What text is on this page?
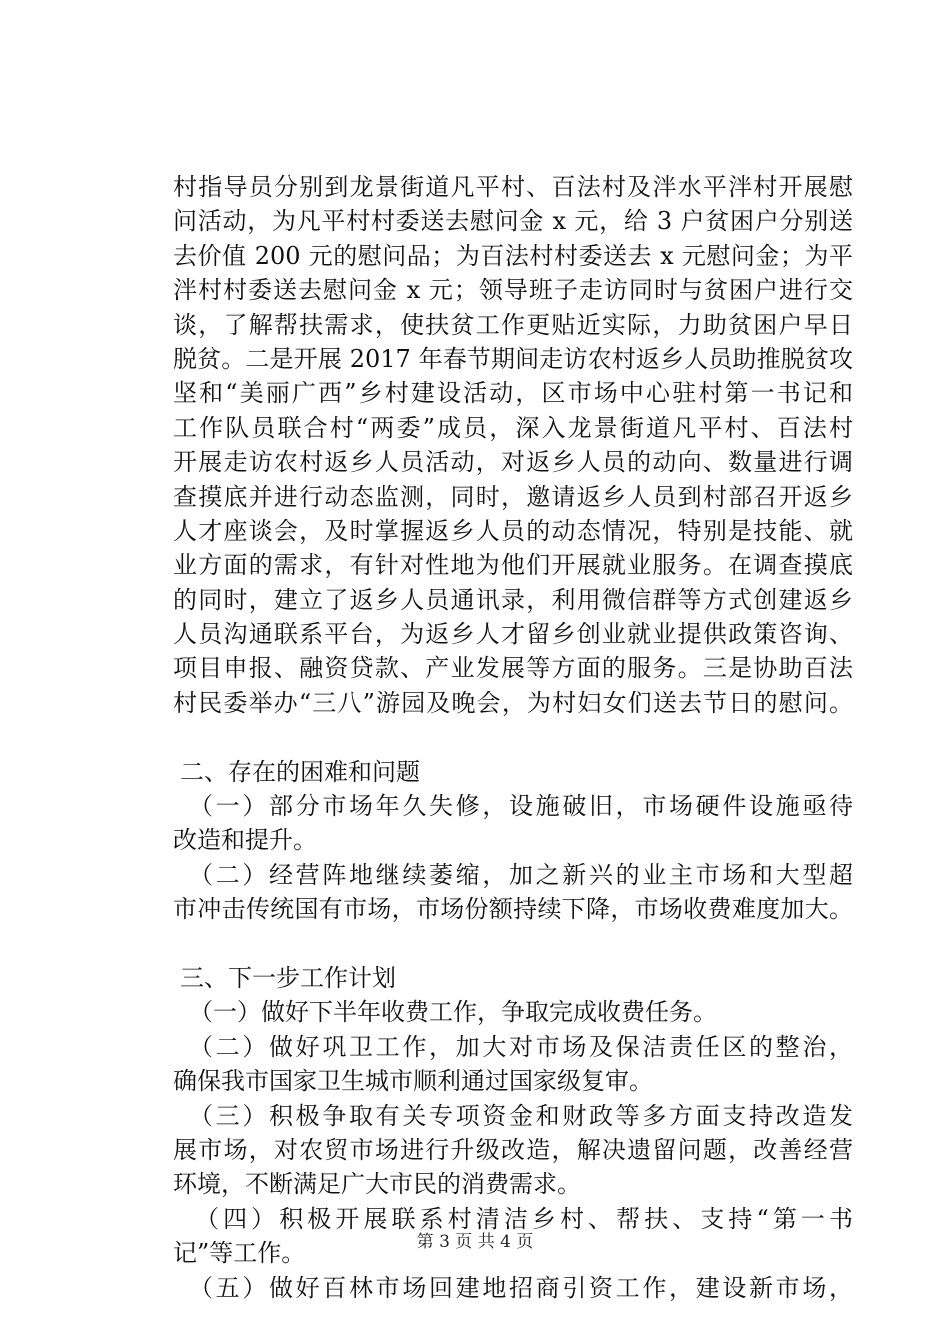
村指导员分别到龙景街道凡平村、百法村及泮水平泮村开展慰
问活动，为凡平村村委送去慰问金 x 元，给 3 户贫困户分别送
去价值 200 元的慰问品；为百法村村委送去 x 元慰问金；为平
泮村村委送去慰问金 x 元；领导班子走访同时与贫困户进行交
谈，了解帮扶需求，使扶贫工作更贴近实际，力助贫困户早日
脱贫。二是开展 2017 年春节期间走访农村返乡人员助推脱贫攻
坚和“美丽广西”乡村建设活动，区市场中心驻村第一书记和
工作队员联合村“两委”成员，深入龙景街道凡平村、百法村
开展走访农村返乡人员活动，对返乡人员的动向、数量进行调
查摸底并进行动态监测，同时，邀请返乡人员到村部召开返乡
人才座谈会，及时掌握返乡人员的动态情况，特别是技能、就
业方面的需求，有针对性地为他们开展就业服务。在调查摸底
的同时，建立了返乡人员通讯录，利用微信群等方式创建返乡
人员沟通联系平台，为返乡人才留乡创业就业提供政策咨询、
项目申报、融资贷款、产业发展等方面的服务。三是协助百法
村民委举办“三八”游园及晚会，为村妇女们送去节日的慰问。
二、存在的困难和问题
（一）部分市场年久失修，设施破旧，市场硬件设施亟待
改造和提升。
（二）经营阵地继续萎缩，加之新兴的业主市场和大型超
市冲击传统国有市场，市场份额持续下降，市场收费难度加大。
三、下一步工作计划
（一）做好下半年收费工作，争取完成收费任务。
（二）做好巩卫工作，加大对市场及保洁责任区的整治，
确保我市国家卫生城市顺利通过国家级复审。
（三）积极争取有关专项资金和财政等多方面支持改造发
展市场，对农贸市场进行升级改造，解决遗留问题，改善经营
环境，不断满足广大市民的消费需求。
（四）积极开展联系村清洁乡村、帮扶、支持“第一书
记”等工作。
（五）做好百林市场回建地招商引资工作，建设新市场，
第 3 页 共 4 页
